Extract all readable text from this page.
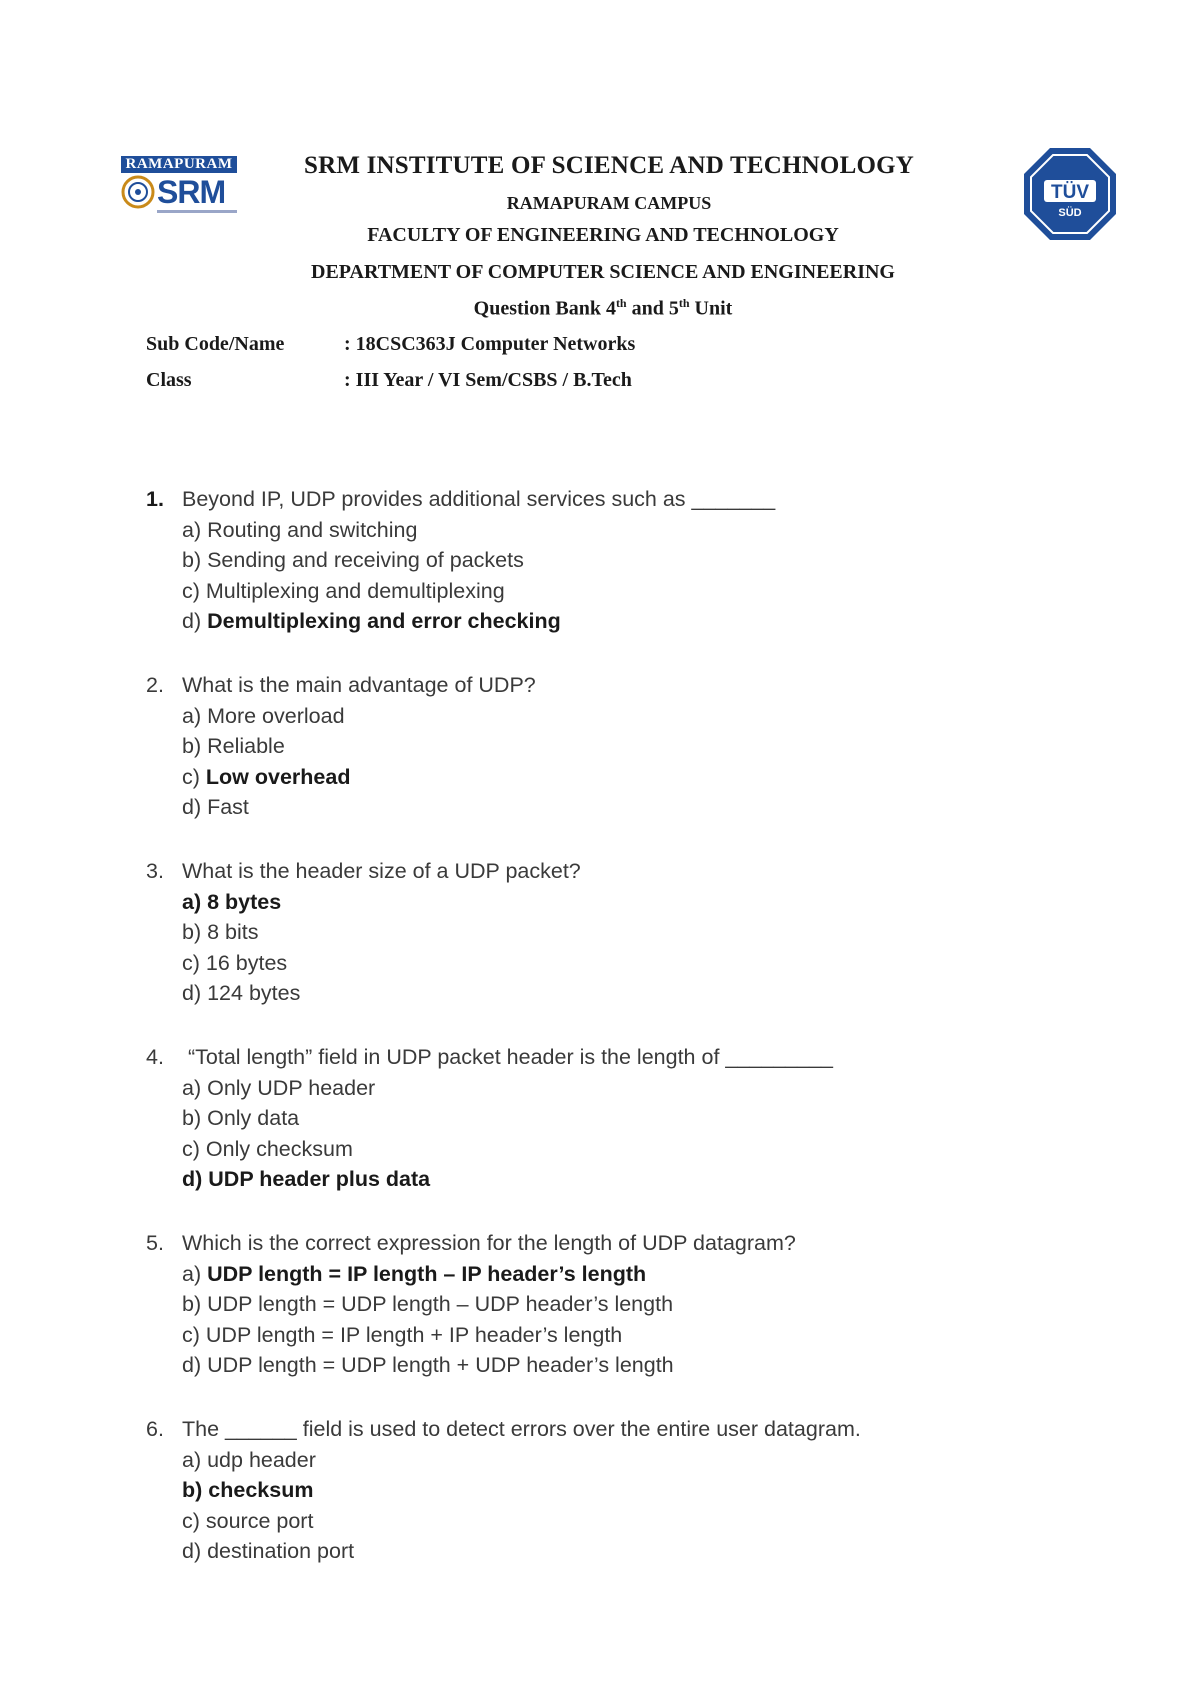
RAMAPURAM
SRM	TÜV
SÜD
SRM INSTITUTE OF SCIENCE AND TECHNOLOGY
RAMAPURAM CAMPUS
FACULTY OF ENGINEERING AND TECHNOLOGY
DEPARTMENT OF COMPUTER SCIENCE AND ENGINEERING
Question Bank 4th and 5th Unit
Sub Code/Name	: 18CSC363J Computer Networks
Class	: III Year / VI Sem/CSBS / B.Tech
1. Beyond IP, UDP provides additional services such as _______
a) Routing and switching
b) Sending and receiving of packets
c) Multiplexing and demultiplexing
d) Demultiplexing and error checking
2. What is the main advantage of UDP?
a) More overload
b) Reliable
c) Low overhead
d) Fast
3. What is the header size of a UDP packet?
a) 8 bytes
b) 8 bits
c) 16 bytes
d) 124 bytes
4. “Total length” field in UDP packet header is the length of _________
a) Only UDP header
b) Only data
c) Only checksum
d) UDP header plus data
5. Which is the correct expression for the length of UDP datagram?
a) UDP length = IP length – IP header’s length
b) UDP length = UDP length – UDP header’s length
c) UDP length = IP length + IP header’s length
d) UDP length = UDP length + UDP header’s length
6. The ______ field is used to detect errors over the entire user datagram.
a) udp header
b) checksum
c) source port
d) destination port
